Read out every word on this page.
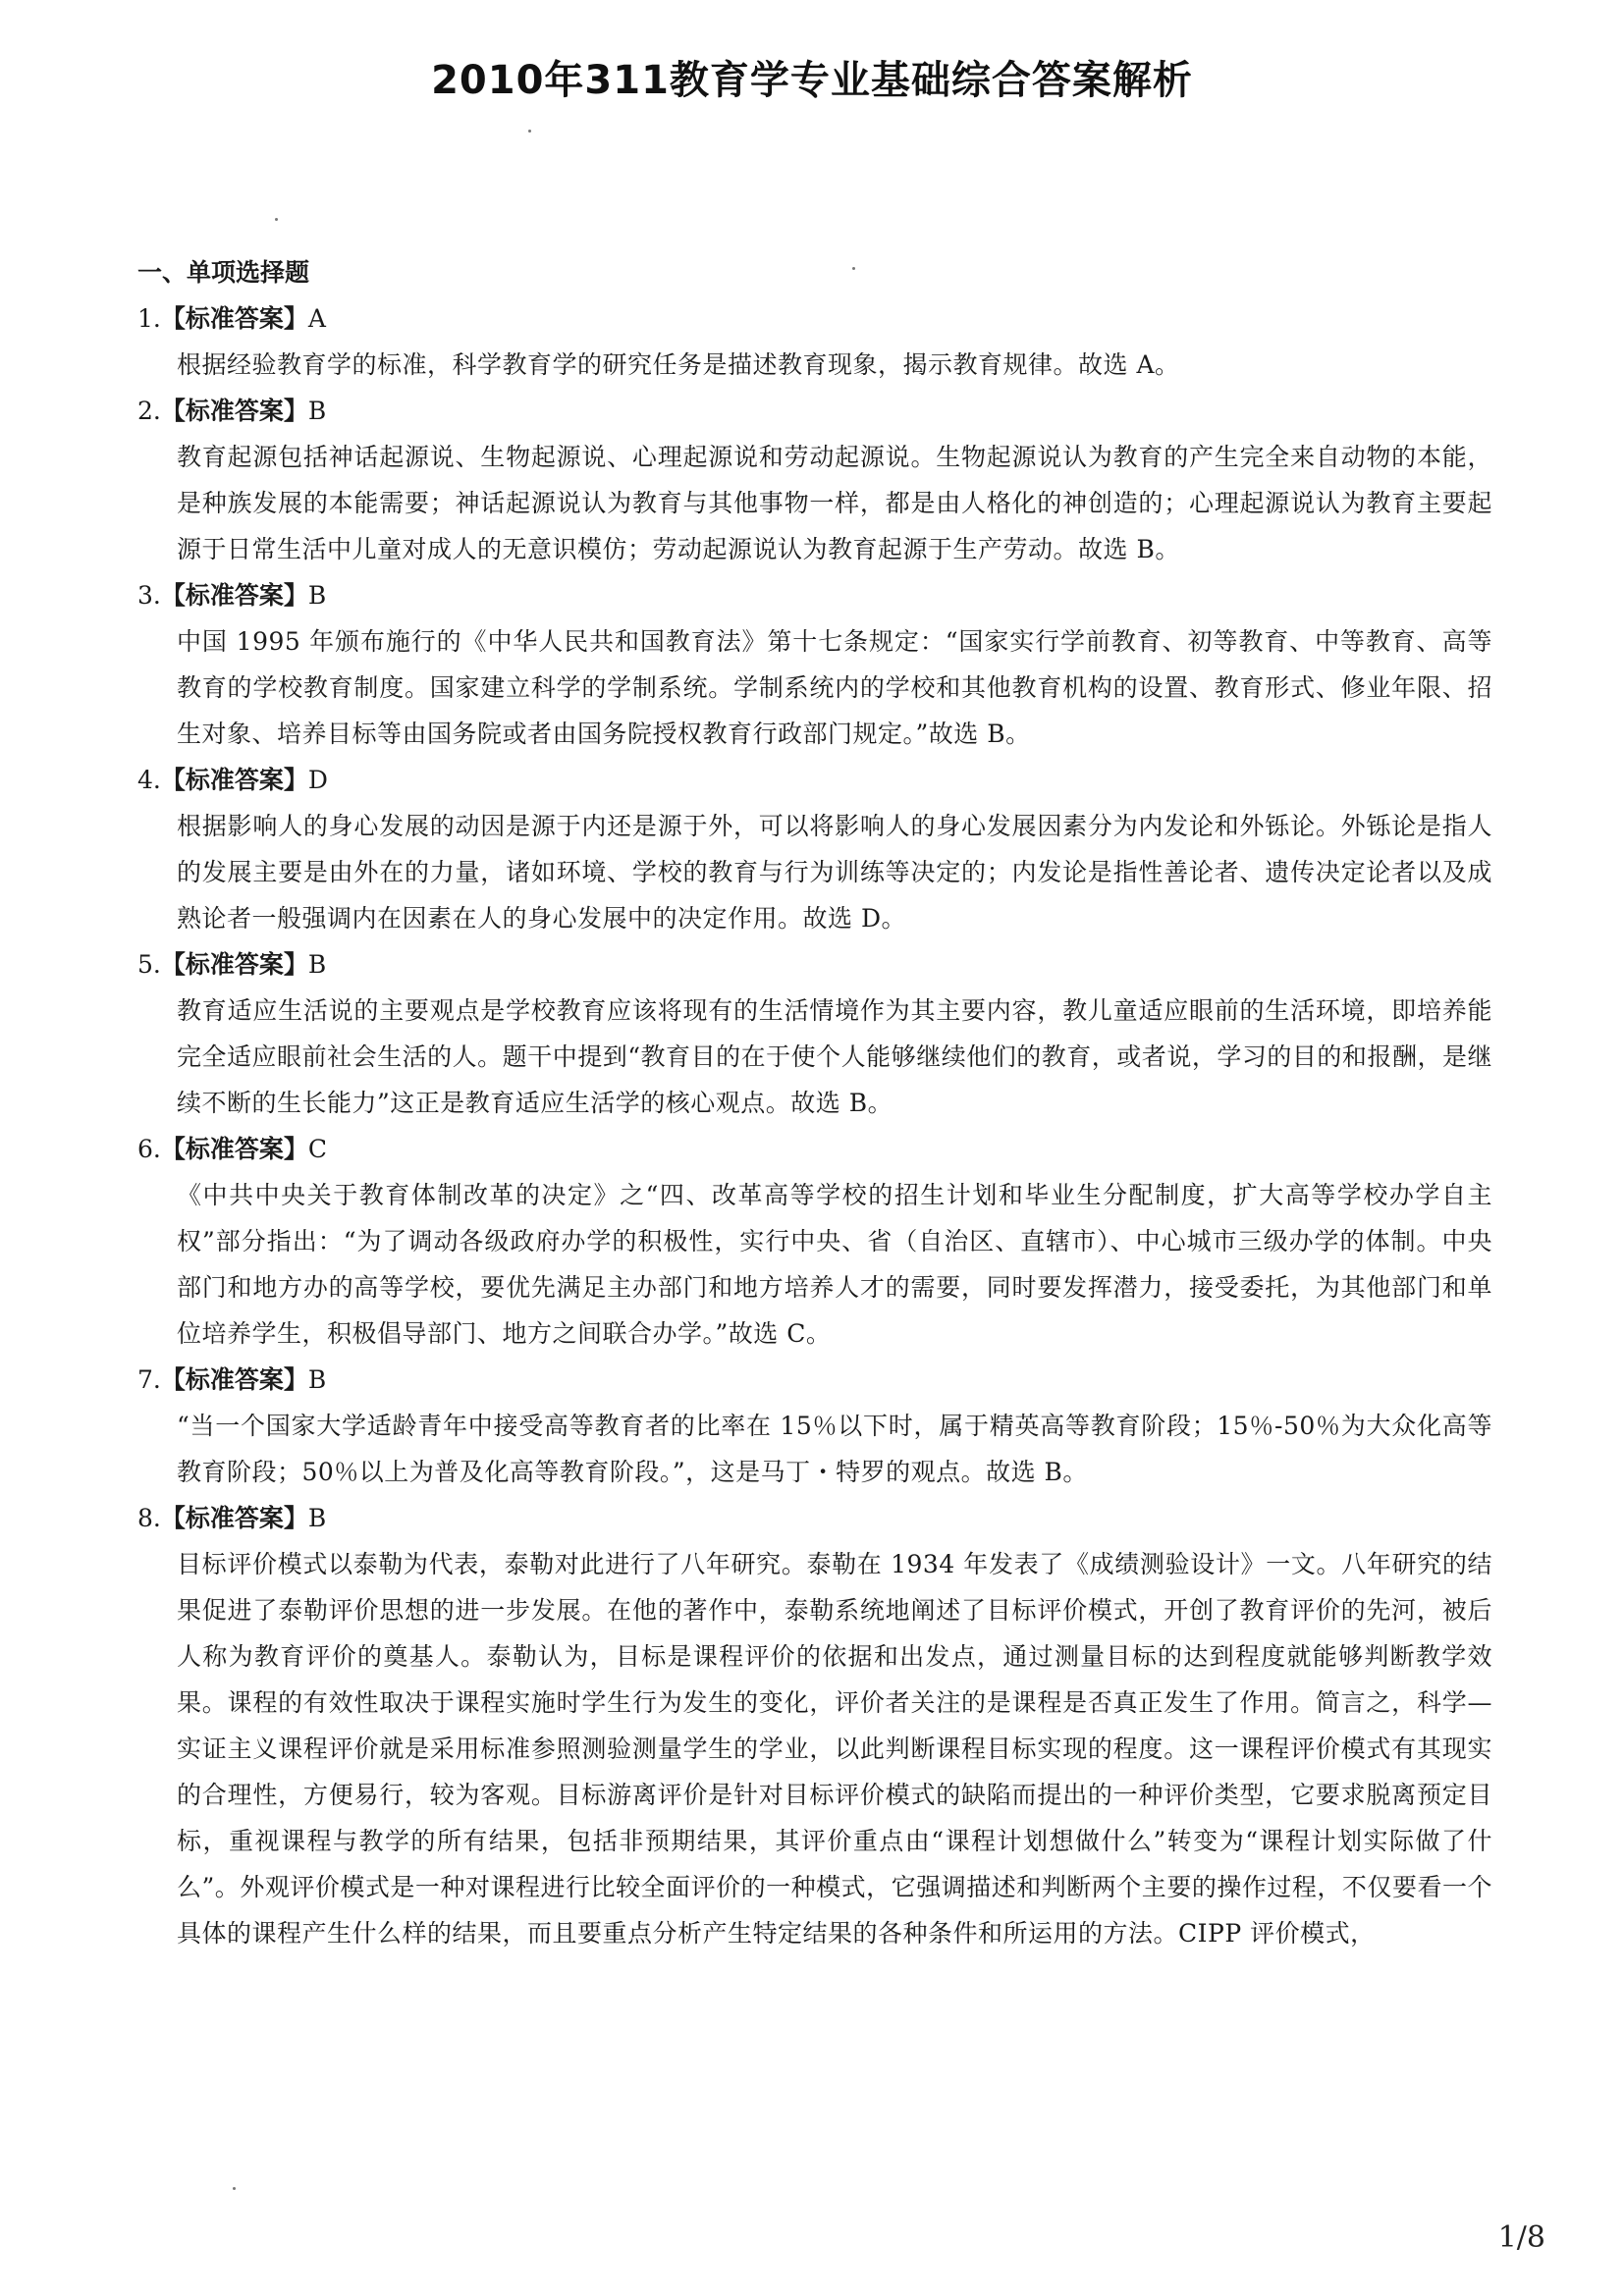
2010年311教育学专业基础综合答案解析
一、单项选择题
1.【标准答案】A
根据经验教育学的标准，科学教育学的研究任务是描述教育现象，揭示教育规律。故选 A。
2.【标准答案】B
教育起源包括神话起源说、生物起源说、心理起源说和劳动起源说。生物起源说认为教育的产生完全来自动物的本能，是种族发展的本能需要；神话起源说认为教育与其他事物一样，都是由人格化的神创造的；心理起源说认为教育主要起源于日常生活中儿童对成人的无意识模仿；劳动起源说认为教育起源于生产劳动。故选 B。
3.【标准答案】B
中国 1995 年颁布施行的《中华人民共和国教育法》第十七条规定：“国家实行学前教育、初等教育、中等教育、高等教育的学校教育制度。国家建立科学的学制系统。学制系统内的学校和其他教育机构的设置、教育形式、修业年限、招生对象、培养目标等由国务院或者由国务院授权教育行政部门规定。”故选 B。
4.【标准答案】D
根据影响人的身心发展的动因是源于内还是源于外，可以将影响人的身心发展因素分为内发论和外铄论。外铄论是指人的发展主要是由外在的力量，诸如环境、学校的教育与行为训练等决定的；内发论是指性善论者、遗传决定论者以及成熟论者一般强调内在因素在人的身心发展中的决定作用。故选 D。
5.【标准答案】B
教育适应生活说的主要观点是学校教育应该将现有的生活情境作为其主要内容，教儿童适应眼前的生活环境，即培养能完全适应眼前社会生活的人。题干中提到“教育目的在于使个人能够继续他们的教育，或者说，学习的目的和报酬，是继续不断的生长能力”这正是教育适应生活学的核心观点。故选 B。
6.【标准答案】C
《中共中央关于教育体制改革的决定》之“四、改革高等学校的招生计划和毕业生分配制度，扩大高等学校办学自主权”部分指出：“为了调动各级政府办学的积极性，实行中央、省（自治区、直辖市）、中心城市三级办学的体制。中央部门和地方办的高等学校，要优先满足主办部门和地方培养人才的需要，同时要发挥潜力，接受委托，为其他部门和单位培养学生，积极倡导部门、地方之间联合办学。”故选 C。
7.【标准答案】B
“当一个国家大学适龄青年中接受高等教育者的比率在 15％以下时，属于精英高等教育阶段；15％-50％为大众化高等教育阶段；50％以上为普及化高等教育阶段。”，这是马丁・特罗的观点。故选 B。
8.【标准答案】B
目标评价模式以泰勒为代表，泰勒对此进行了八年研究。泰勒在 1934 年发表了《成绩测验设计》一文。八年研究的结果促进了泰勒评价思想的进一步发展。在他的著作中，泰勒系统地阐述了目标评价模式，开创了教育评价的先河，被后人称为教育评价的奠基人。泰勒认为，目标是课程评价的依据和出发点，通过测量目标的达到程度就能够判断教学效果。课程的有效性取决于课程实施时学生行为发生的变化，评价者关注的是课程是否真正发生了作用。简言之，科学—实证主义课程评价就是采用标准参照测验测量学生的学业，以此判断课程目标实现的程度。这一课程评价模式有其现实的合理性，方便易行，较为客观。目标游离评价是针对目标评价模式的缺陷而提出的一种评价类型，它要求脱离预定目标，重视课程与教学的所有结果，包括非预期结果，其评价重点由“课程计划想做什么”转变为“课程计划实际做了什么”。外观评价模式是一种对课程进行比较全面评价的一种模式，它强调描述和判断两个主要的操作过程，不仅要看一个具体的课程产生什么样的结果，而且要重点分析产生特定结果的各种条件和所运用的方法。CIPP 评价模式，
1/8
